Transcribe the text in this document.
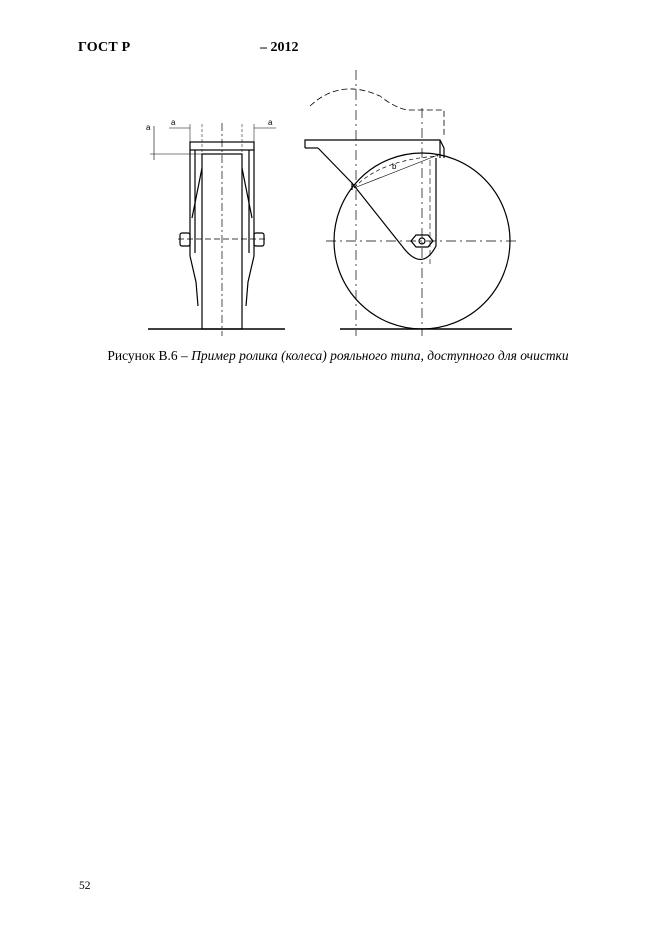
ГОСТ Р	– 2012
a	a
a
b
Рисунок В.6 – Пример ролика (колеса) рояльного типа, доступного для очистки
52
